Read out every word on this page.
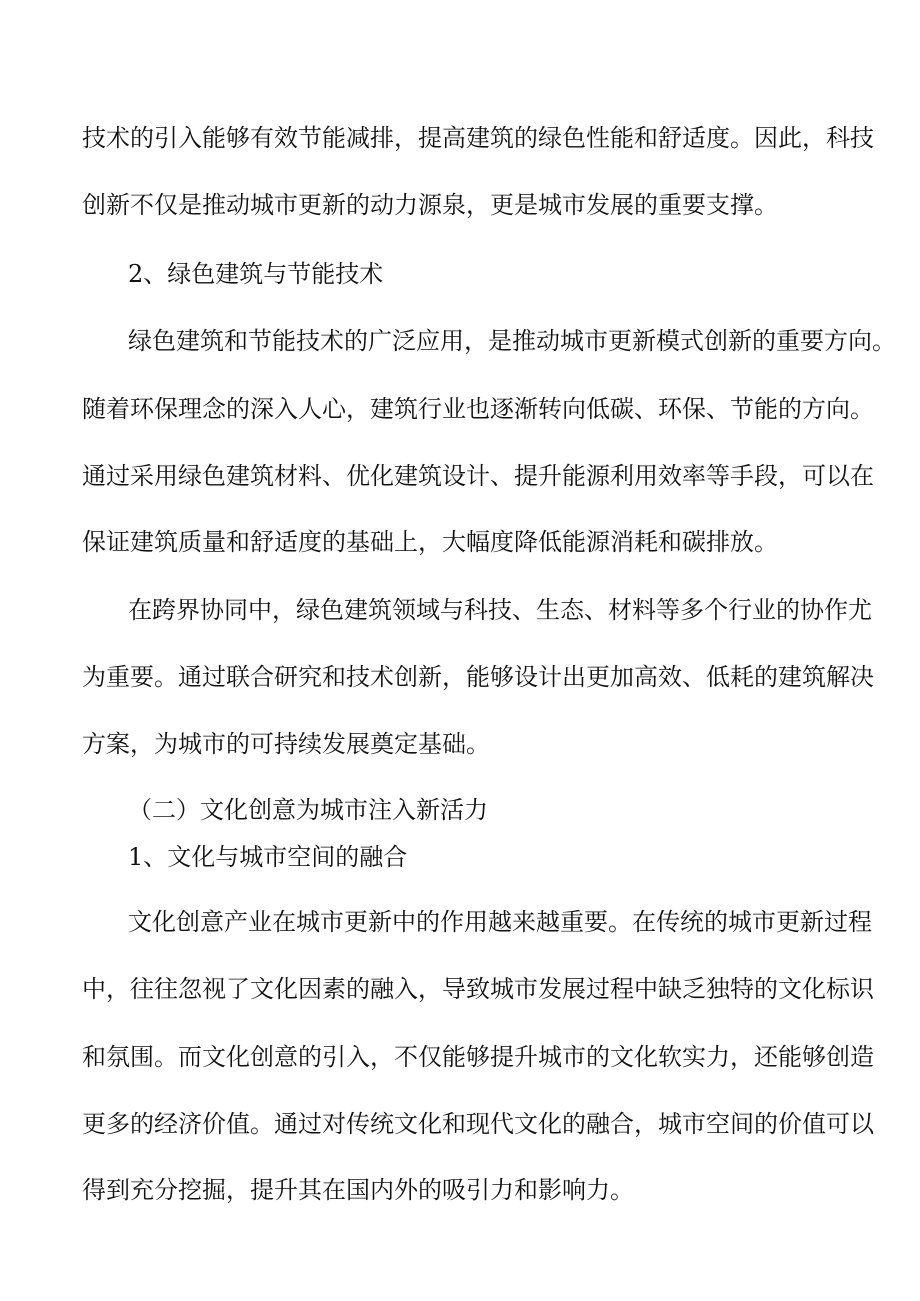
技术的引入能够有效节能减排，提高建筑的绿色性能和舒适度。因此，科技
创新不仅是推动城市更新的动力源泉，更是城市发展的重要支撑。
2、绿色建筑与节能技术
绿色建筑和节能技术的广泛应用，是推动城市更新模式创新的重要方向。
随着环保理念的深入人心，建筑行业也逐渐转向低碳、环保、节能的方向。
通过采用绿色建筑材料、优化建筑设计、提升能源利用效率等手段，可以在
保证建筑质量和舒适度的基础上，大幅度降低能源消耗和碳排放。
在跨界协同中，绿色建筑领域与科技、生态、材料等多个行业的协作尤
为重要。通过联合研究和技术创新，能够设计出更加高效、低耗的建筑解决
方案，为城市的可持续发展奠定基础。
（二）文化创意为城市注入新活力
1、文化与城市空间的融合
文化创意产业在城市更新中的作用越来越重要。在传统的城市更新过程
中，往往忽视了文化因素的融入，导致城市发展过程中缺乏独特的文化标识
和氛围。而文化创意的引入，不仅能够提升城市的文化软实力，还能够创造
更多的经济价值。通过对传统文化和现代文化的融合，城市空间的价值可以
得到充分挖掘，提升其在国内外的吸引力和影响力。
